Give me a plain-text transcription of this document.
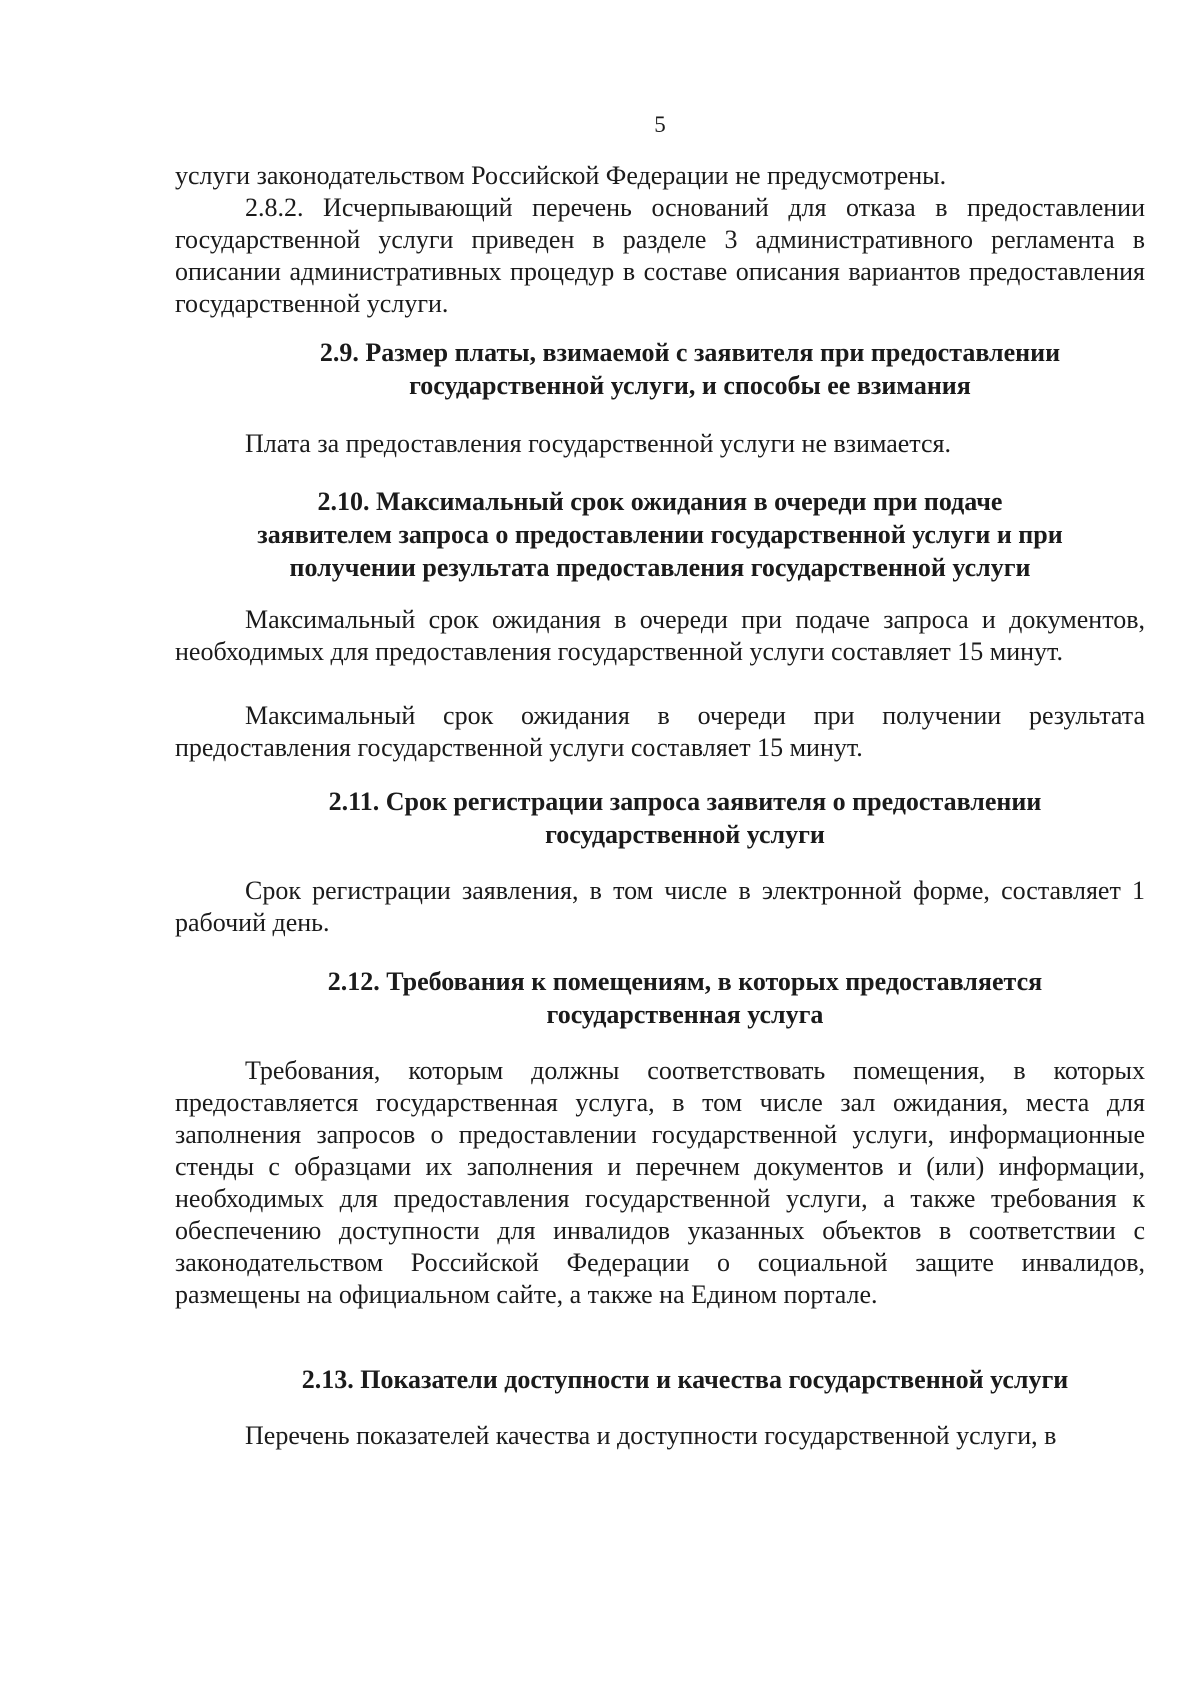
5

услуги законодательством Российской Федерации не предусмотрены.

2.8.2. Исчерпывающий перечень оснований для отказа в предоставлении государственной услуги приведен в разделе 3 административного регламента в описании административных процедур в составе описания вариантов предоставления государственной услуги.

2.9. Размер платы, взимаемой с заявителя при предоставлении
государственной услуги, и способы ее взимания

Плата за предоставления государственной услуги не взимается.

2.10. Максимальный срок ожидания в очереди при подаче
заявителем запроса о предоставлении государственной услуги и при
получении результата предоставления государственной услуги

Максимальный срок ожидания в очереди при подаче запроса и документов, необходимых для предоставления государственной услуги составляет 15 минут.

Максимальный срок ожидания в очереди при получении результата предоставления государственной услуги составляет 15 минут.

2.11. Срок регистрации запроса заявителя о предоставлении
государственной услуги

Срок регистрации заявления, в том числе в электронной форме, составляет 1 рабочий день.

2.12. Требования к помещениям, в которых предоставляется
государственная услуга

Требования, которым должны соответствовать помещения, в которых предоставляется государственная услуга, в том числе зал ожидания, места для заполнения запросов о предоставлении государственной услуги, информационные стенды с образцами их заполнения и перечнем документов и (или) информации, необходимых для предоставления государственной услуги, а также требования к обеспечению доступности для инвалидов указанных объектов в соответствии с законодательством Российской Федерации о социальной защите инвалидов, размещены на официальном сайте, а также на Едином портале.

2.13. Показатели доступности и качества государственной услуги

Перечень показателей качества и доступности государственной услуги, в
